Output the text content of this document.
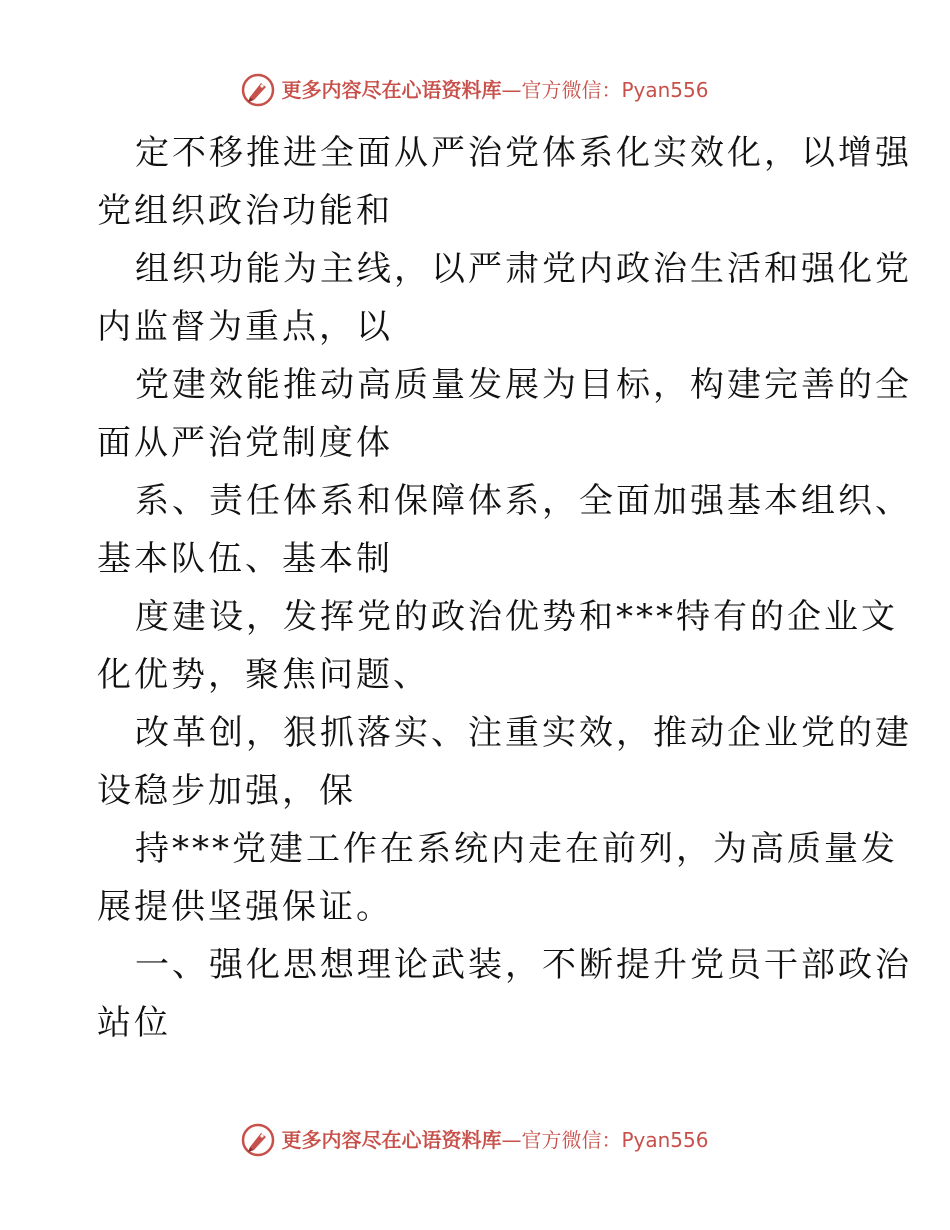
更多内容尽在心语资料库—官方微信：Pyan556

定不移推进全面从严治党体系化实效化，以增强
党组织政治功能和

组织功能为主线，以严肃党内政治生活和强化党
内监督为重点，以

党建效能推动高质量发展为目标，构建完善的全
面从严治党制度体

系、责任体系和保障体系，全面加强基本组织、
基本队伍、基本制

度建设，发挥党的政治优势和***特有的企业文
化优势，聚焦问题、

改革创，狠抓落实、注重实效，推动企业党的建
设稳步加强，保

持***党建工作在系统内走在前列，为高质量发
展提供坚强保证。

一、强化思想理论武装，不断提升党员干部政治
站位

更多内容尽在心语资料库—官方微信：Pyan556
